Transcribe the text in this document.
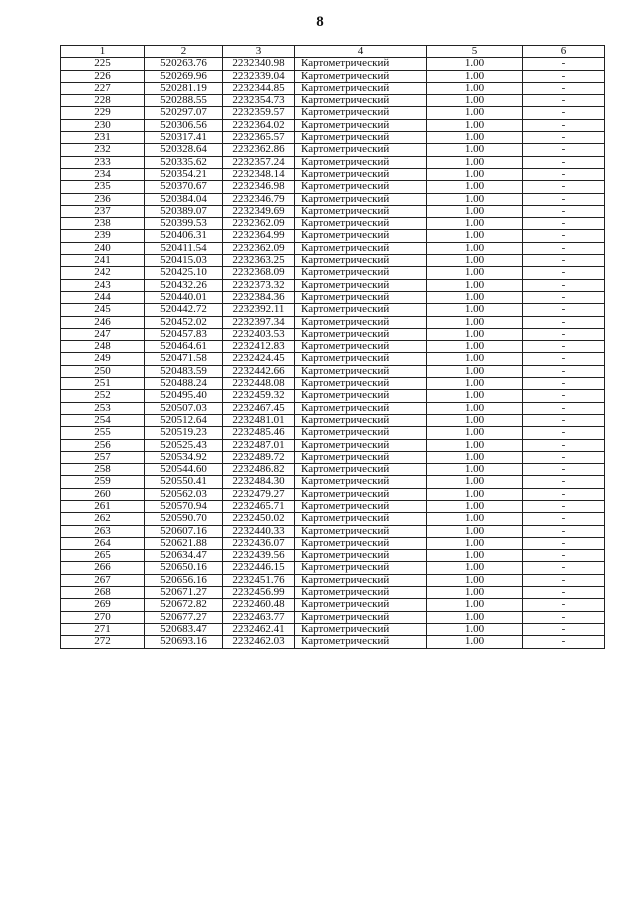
8
1	2	3	4	5	6
225	520263.76	2232340.98	Картометрический	1.00	-
226	520269.96	2232339.04	Картометрический	1.00	-
227	520281.19	2232344.85	Картометрический	1.00	-
228	520288.55	2232354.73	Картометрический	1.00	-
229	520297.07	2232359.57	Картометрический	1.00	-
230	520306.56	2232364.02	Картометрический	1.00	-
231	520317.41	2232365.57	Картометрический	1.00	-
232	520328.64	2232362.86	Картометрический	1.00	-
233	520335.62	2232357.24	Картометрический	1.00	-
234	520354.21	2232348.14	Картометрический	1.00	-
235	520370.67	2232346.98	Картометрический	1.00	-
236	520384.04	2232346.79	Картометрический	1.00	-
237	520389.07	2232349.69	Картометрический	1.00	-
238	520399.53	2232362.09	Картометрический	1.00	-
239	520406.31	2232364.99	Картометрический	1.00	-
240	520411.54	2232362.09	Картометрический	1.00	-
241	520415.03	2232363.25	Картометрический	1.00	-
242	520425.10	2232368.09	Картометрический	1.00	-
243	520432.26	2232373.32	Картометрический	1.00	-
244	520440.01	2232384.36	Картометрический	1.00	-
245	520442.72	2232392.11	Картометрический	1.00	-
246	520452.02	2232397.34	Картометрический	1.00	-
247	520457.83	2232403.53	Картометрический	1.00	-
248	520464.61	2232412.83	Картометрический	1.00	-
249	520471.58	2232424.45	Картометрический	1.00	-
250	520483.59	2232442.66	Картометрический	1.00	-
251	520488.24	2232448.08	Картометрический	1.00	-
252	520495.40	2232459.32	Картометрический	1.00	-
253	520507.03	2232467.45	Картометрический	1.00	-
254	520512.64	2232481.01	Картометрический	1.00	-
255	520519.23	2232485.46	Картометрический	1.00	-
256	520525.43	2232487.01	Картометрический	1.00	-
257	520534.92	2232489.72	Картометрический	1.00	-
258	520544.60	2232486.82	Картометрический	1.00	-
259	520550.41	2232484.30	Картометрический	1.00	-
260	520562.03	2232479.27	Картометрический	1.00	-
261	520570.94	2232465.71	Картометрический	1.00	-
262	520590.70	2232450.02	Картометрический	1.00	-
263	520607.16	2232440.33	Картометрический	1.00	-
264	520621.88	2232436.07	Картометрический	1.00	-
265	520634.47	2232439.56	Картометрический	1.00	-
266	520650.16	2232446.15	Картометрический	1.00	-
267	520656.16	2232451.76	Картометрический	1.00	-
268	520671.27	2232456.99	Картометрический	1.00	-
269	520672.82	2232460.48	Картометрический	1.00	-
270	520677.27	2232463.77	Картометрический	1.00	-
271	520683.47	2232462.41	Картометрический	1.00	-
272	520693.16	2232462.03	Картометрический	1.00	-
